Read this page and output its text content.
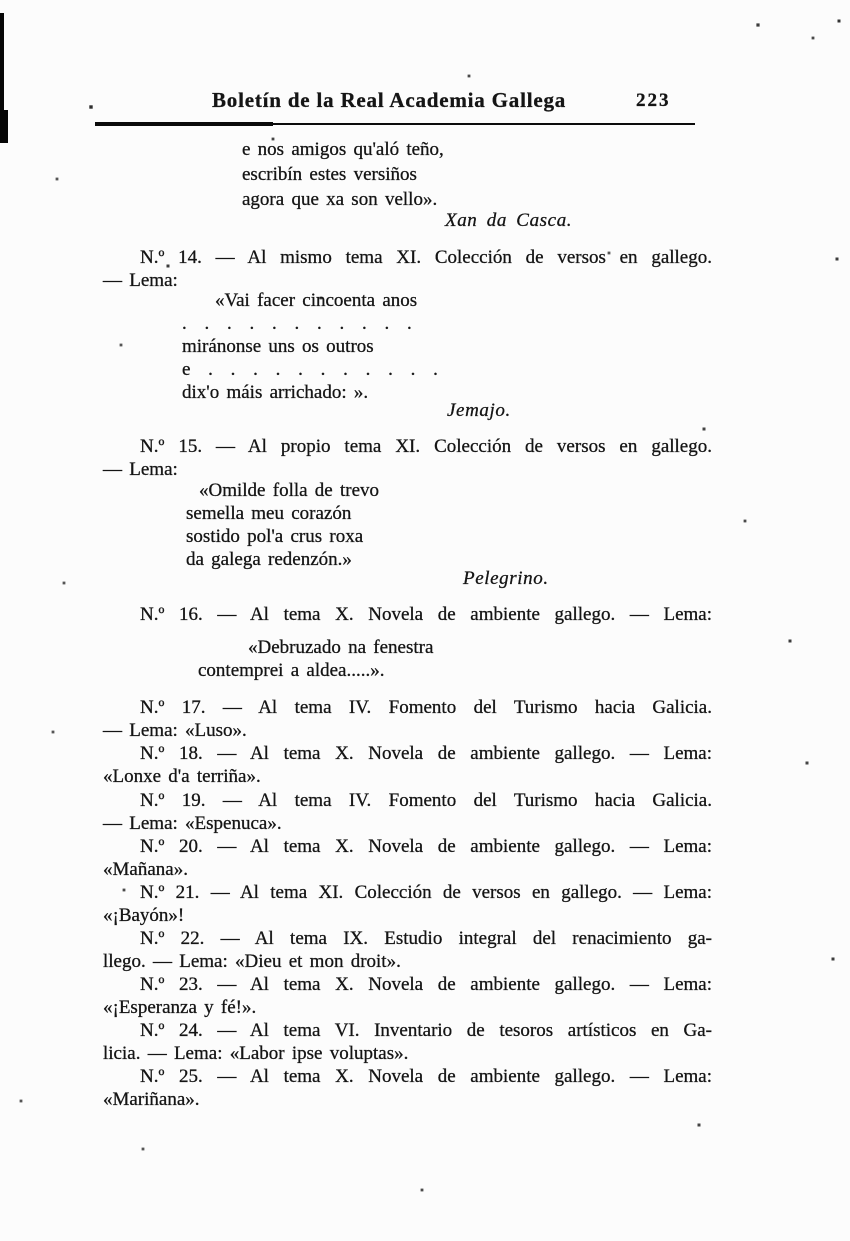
Boletín de la Real Academia Gallega	223
e nos amigos qu'aló teño,
escribín estes versiños
agora que xa son vello».
Xan da Casca.
N.º 14. — Al mismo tema XI. Colección de versos en gallego.
— Lema:
«Vai facer cincoenta anos
. . . . . . . . . . .
miránonse uns os outros
e . . . . . . . . . . .
dix'o máis arrichado: ».
Jemajo.
N.º 15. — Al propio tema XI. Colección de versos en gallego.
— Lema:
«Omilde folla de trevo
semella meu corazón
sostido pol'a crus roxa
da galega redenzón.»
Pelegrino.
N.º 16. — Al tema X. Novela de ambiente gallego. — Lema:
«Debruzado na fenestra
contemprei a aldea.....».
N.º 17. — Al tema IV. Fomento del Turismo hacia Galicia.
— Lema: «Luso».
N.º 18. — Al tema X. Novela de ambiente gallego. — Lema:
«Lonxe d'a terriña».
N.º 19. — Al tema IV. Fomento del Turismo hacia Galicia.
— Lema: «Espenuca».
N.º 20. — Al tema X. Novela de ambiente gallego. — Lema:
«Mañana».
N.º 21. — Al tema XI. Colección de versos en gallego. — Lema:
«¡Bayón»!
N.º 22. — Al tema IX. Estudio integral del renacimiento ga-
llego. — Lema: «Dieu et mon droit».
N.º 23. — Al tema X. Novela de ambiente gallego. — Lema:
«¡Esperanza y fé!».
N.º 24. — Al tema VI. Inventario de tesoros artísticos en Ga-
licia. — Lema: «Labor ipse voluptas».
N.º 25. — Al tema X. Novela de ambiente gallego. — Lema:
«Mariñana».
